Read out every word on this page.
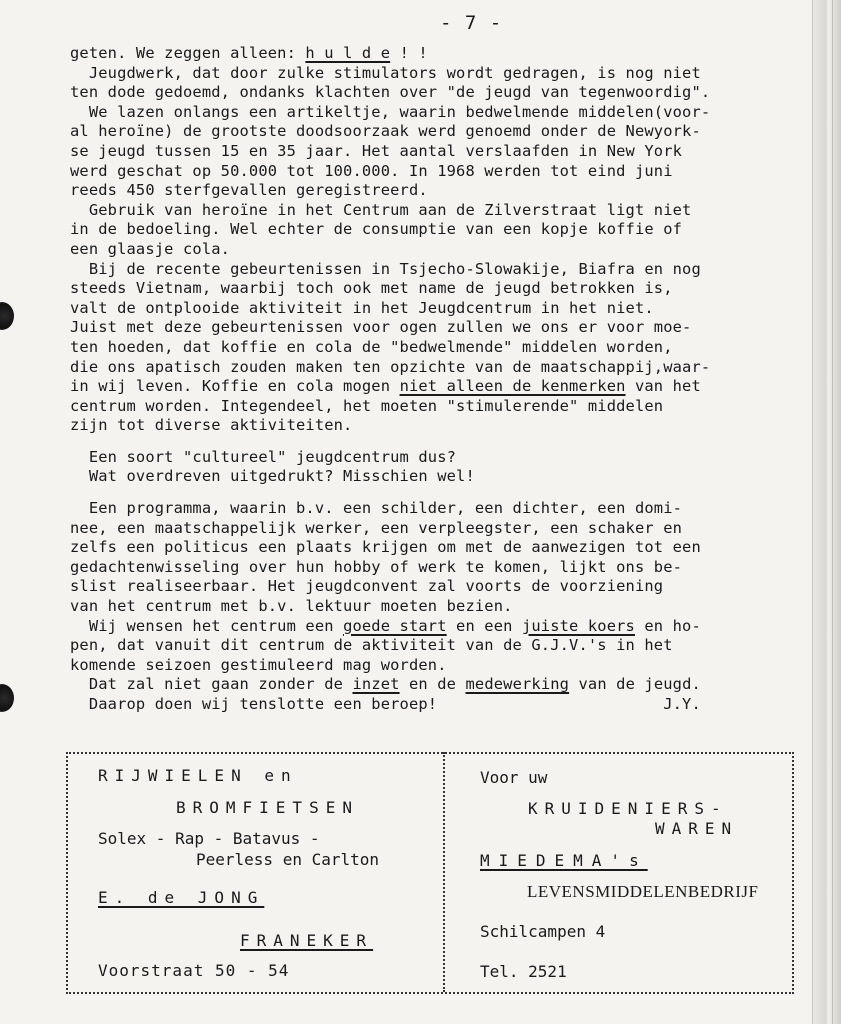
- 7 -
geten. We zeggen alleen: h u l d e ! !
Jeugdwerk, dat door zulke stimulators wordt gedragen, is nog niet
ten dode gedoemd, ondanks klachten over "de jeugd van tegenwoordig".
We lazen onlangs een artikeltje, waarin bedwelmende middelen(voor-
al heroïne) de grootste doodsoorzaak werd genoemd onder de Newyork-
se jeugd tussen 15 en 35 jaar. Het aantal verslaafden in New York
werd geschat op 50.000 tot 100.000. In 1968 werden tot eind juni
reeds 450 sterfgevallen geregistreerd.
Gebruik van heroïne in het Centrum aan de Zilverstraat ligt niet
in de bedoeling. Wel echter de consumptie van een kopje koffie of
een glaasje cola.
Bij de recente gebeurtenissen in Tsjecho-Slowakije, Biafra en nog
steeds Vietnam, waarbij toch ook met name de jeugd betrokken is,
valt de ontplooide aktiviteit in het Jeugdcentrum in het niet.
Juist met deze gebeurtenissen voor ogen zullen we ons er voor moe-
ten hoeden, dat koffie en cola de "bedwelmende" middelen worden,
die ons apatisch zouden maken ten opzichte van de maatschappij,waar-
in wij leven. Koffie en cola mogen niet alleen de kenmerken van het
centrum worden. Integendeel, het moeten "stimulerende" middelen
zijn tot diverse aktiviteiten.
Een soort "cultureel" jeugdcentrum dus?
Wat overdreven uitgedrukt? Misschien wel!
Een programma, waarin b.v. een schilder, een dichter, een domi-
nee, een maatschappelijk werker, een verpleegster, een schaker en
zelfs een politicus een plaats krijgen om met de aanwezigen tot een
gedachtenwisseling over hun hobby of werk te komen, lijkt ons be-
slist realiseerbaar. Het jeugdconvent zal voorts de voorziening
van het centrum met b.v. lektuur moeten bezien.
Wij wensen het centrum een goede start en een juiste koers en ho-
pen, dat vanuit dit centrum de aktiviteit van de G.J.V.'s in het
komende seizoen gestimuleerd mag worden.
Dat zal niet gaan zonder de inzet en de medewerking van de jeugd.
Daarop doen wij tenslotte een beroep!                        J.Y.
RIJWIELEN en
BROMFIETSEN
Solex - Rap - Batavus -
Peerless en Carlton
E. de JONG
FRANEKER
Voorstraat 50 - 54
Voor uw
KRUIDENIERS-
WAREN
MIEDEMA's
LEVENSMIDDELENBEDRIJF
Schilcampen 4
Tel. 2521
